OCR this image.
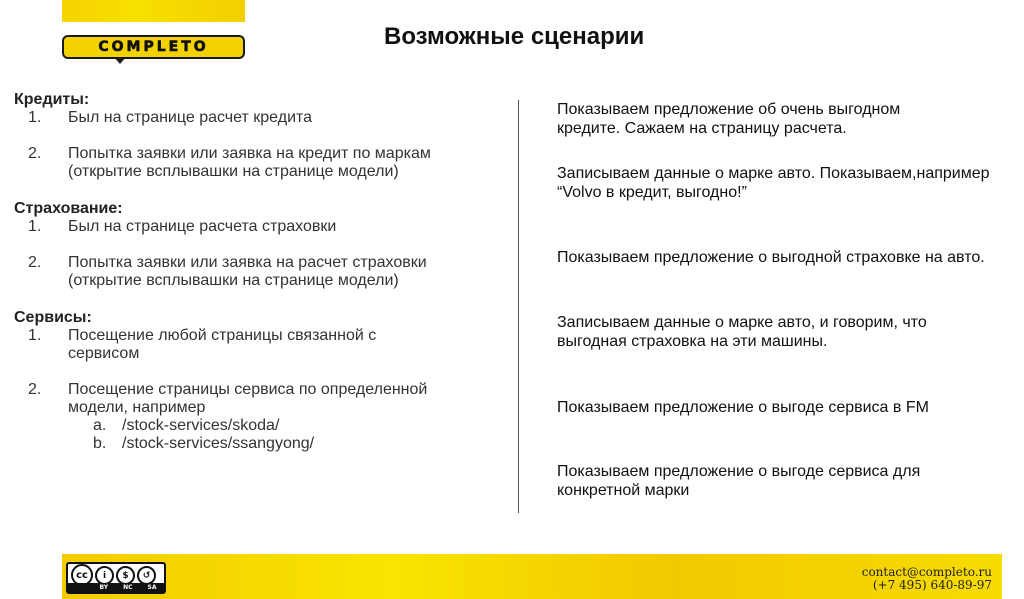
COMPLETO	Возможные сценарии
Кредиты:
1.	Был на странице расчет кредита
2.	Попытка заявки или заявка на кредит по маркам (открытие всплывашки на странице модели)
Страхование:
1.	Был на странице расчета страховки
2.	Попытка заявки или заявка на расчет страховки (открытие всплывашки на странице модели)
Сервисы:
1.	Посещение любой страницы связанной с сервисом
2.	Посещение страницы сервиса по определенной модели, например
a. /stock-services/skoda/
b. /stock-services/ssangyong/
Показываем предложение об очень выгодном кредите. Сажаем на страницу расчета.
Записываем данные о марке авто. Показываем,например “Volvo в кредит, выгодно!”
Показываем предложение о выгодной страховке на авто.
Записываем данные о марке авто, и говорим, что выгодная страховка на эти машины.
Показываем предложение о выгоде сервиса в FM
Показываем предложение о выгоде сервиса для конкретной марки
cc	i	$	↺
BY	NC	SA
contact@completo.ru
(+7 495) 640-89-97
